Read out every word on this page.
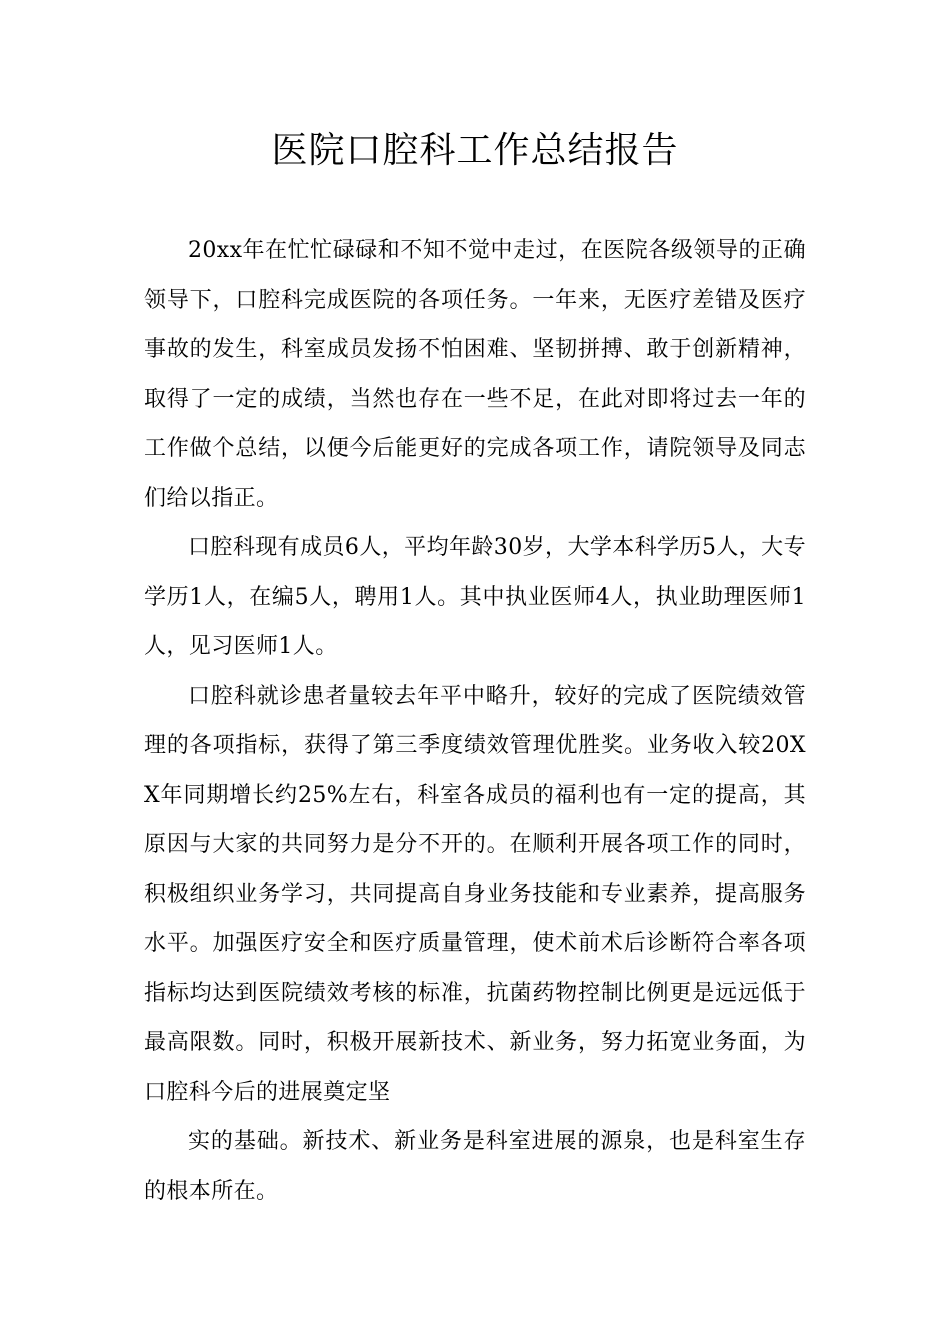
医院口腔科工作总结报告

20xx年在忙忙碌碌和不知不觉中走过，在医院各级领导的正确领导下，口腔科完成医院的各项任务。一年来，无医疗差错及医疗事故的发生，科室成员发扬不怕困难、坚韧拼搏、敢于创新精神，取得了一定的成绩，当然也存在一些不足，在此对即将过去一年的工作做个总结，以便今后能更好的完成各项工作，请院领导及同志们给以指正。

口腔科现有成员6人，平均年龄30岁，大学本科学历5人，大专学历1人，在编5人，聘用1人。其中执业医师4人，执业助理医师1人，见习医师1人。

口腔科就诊患者量较去年平中略升，较好的完成了医院绩效管理的各项指标，获得了第三季度绩效管理优胜奖。业务收入较20XX年同期增长约25%左右，科室各成员的福利也有一定的提高，其原因与大家的共同努力是分不开的。在顺利开展各项工作的同时，积极组织业务学习，共同提高自身业务技能和专业素养，提高服务水平。加强医疗安全和医疗质量管理，使术前术后诊断符合率各项指标均达到医院绩效考核的标准，抗菌药物控制比例更是远远低于最高限数。同时，积极开展新技术、新业务，努力拓宽业务面，为口腔科今后的进展奠定坚

实的基础。新技术、新业务是科室进展的源泉，也是科室生存的根本所在。
